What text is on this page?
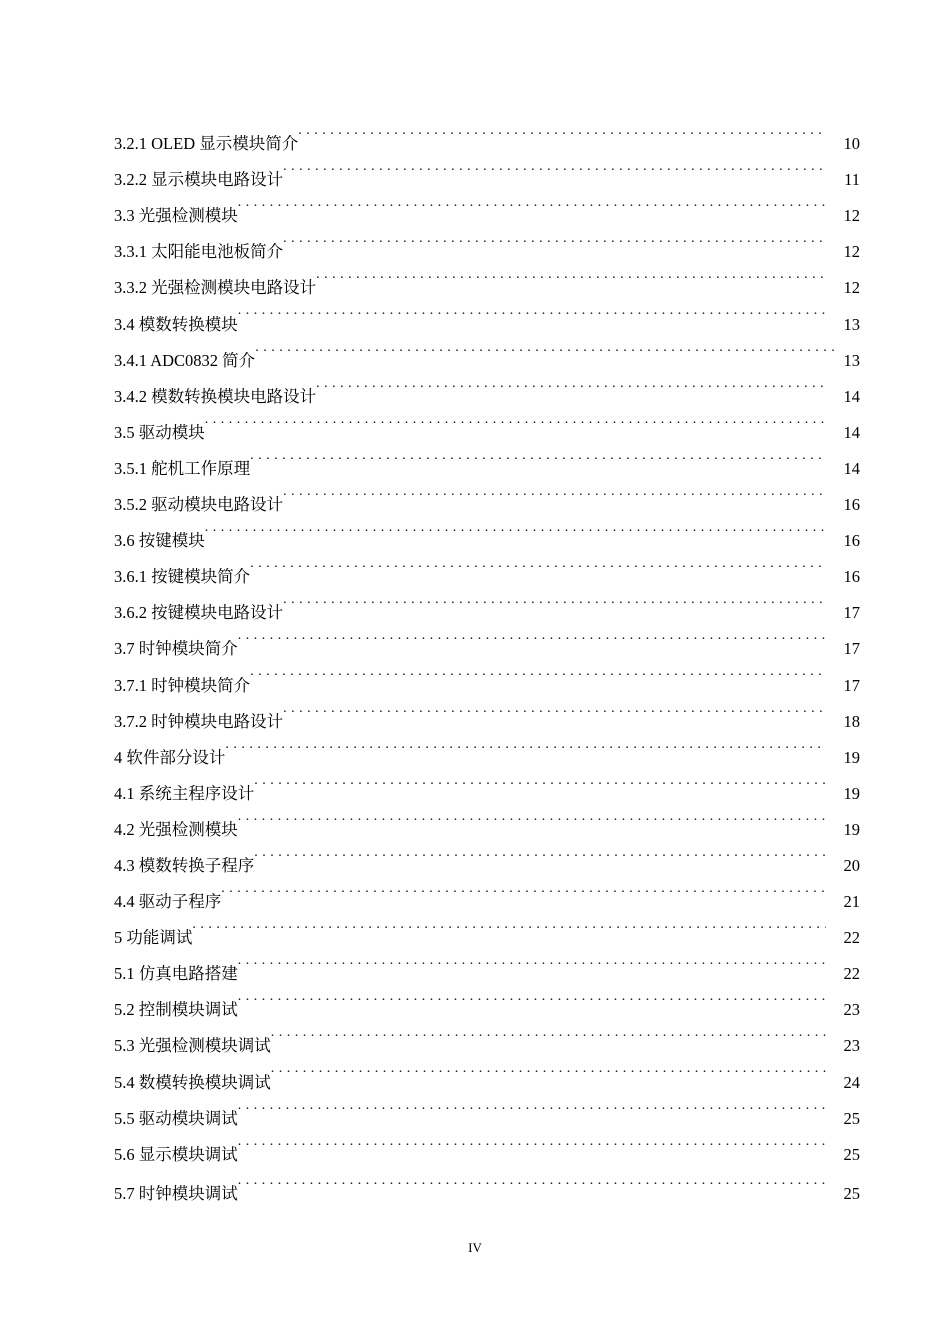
3.2.1 OLED 显示模块简介 . . .	10
3.2.2 显示模块电路设计 . . .	11
3.3 光强检测模块 . . .	12
3.3.1 太阳能电池板简介 . . .	12
3.3.2 光强检测模块电路设计 . . .	12
3.4 模数转换模块 . . .	13
3.4.1 ADC0832 简介 . . .	13
3.4.2 模数转换模块电路设计 . . .	14
3.5 驱动模块 . . .	14
3.5.1 舵机工作原理 . . .	14
3.5.2 驱动模块电路设计 . . .	16
3.6 按键模块 . . .	16
3.6.1 按键模块简介 . . .	16
3.6.2 按键模块电路设计 . . .	17
3.7 时钟模块简介 . . .	17
3.7.1 时钟模块简介 . . .	17
3.7.2 时钟模块电路设计 . . .	18
4 软件部分设计 . . .	19
4.1 系统主程序设计 . . .	19
4.2 光强检测模块 . . .	19
4.3 模数转换子程序 . . .	20
4.4 驱动子程序 . . .	21
5 功能调试 . . .	22
5.1 仿真电路搭建 . . .	22
5.2 控制模块调试 . . .	23
5.3 光强检测模块调试 . . .	23
5.4 数模转换模块调试 . . .	24
5.5 驱动模块调试 . . .	25
5.6 显示模块调试 . . .	25
5.7 时钟模块调试 . . .	25
IV
